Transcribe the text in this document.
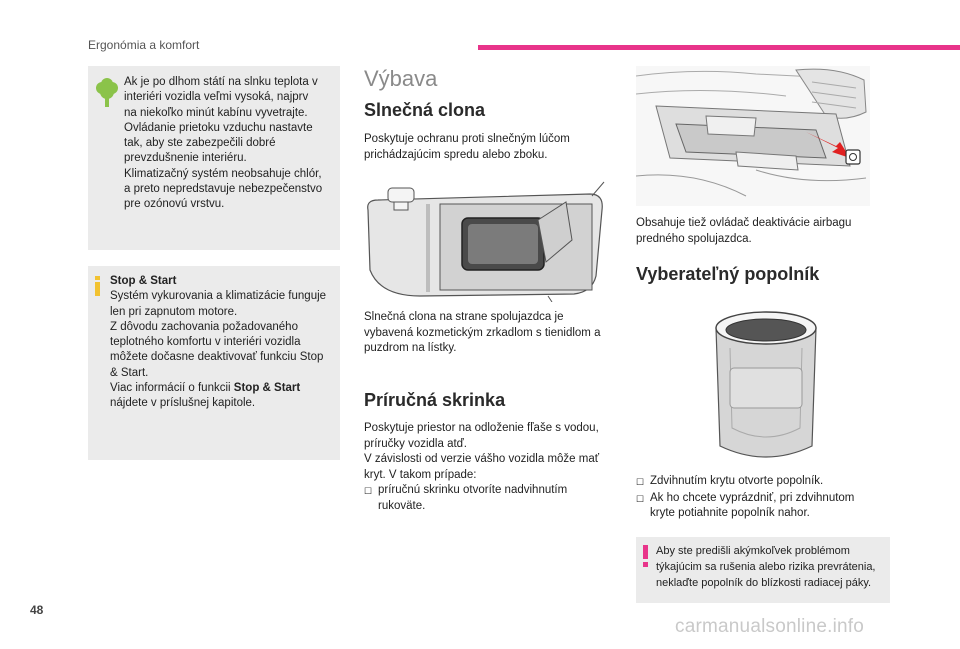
Ergonómia a komfort
Ak je po dlhom státí na slnku teplota v
interiéri vozidla veľmi vysoká, najprv
na niekoľko minút kabínu vyvetrajte.
Ovládanie prietoku vzduchu nastavte
tak, aby ste zabezpečili dobré
prevzdušnenie interiéru.
Klimatizačný systém neobsahuje chlór,
a preto nepredstavuje nebezpečenstvo
pre ozónovú vrstvu.
Stop & Start
Systém vykurovania a klimatizácie funguje
len pri zapnutom motore.
Z dôvodu zachovania požadovaného
teplotného komfortu v interiéri vozidla
môžete dočasne deaktivovať funkciu Stop
& Start.
Viac informácií o funkcii Stop & Start
nájdete v príslušnej kapitole.
Výbava
Slnečná clona
Poskytuje ochranu proti slnečným lúčom
prichádzajúcim spredu alebo zboku.
Slnečná clona na strane spolujazdca je
vybavená kozmetickým zrkadlom s tienidlom a
puzdrom na lístky.
Príručná skrinka
Poskytuje priestor na odloženie fľaše s vodou,
príručky vozidla atď.
V závislosti od verzie vášho vozidla môže mať
kryt. V takom prípade:
☐ príručnú skrinku otvoríte nadvihnutím
rukoväte.
Obsahuje tiež ovládač deaktivácie airbagu
predného spolujazdca.
Vyberateľný popolník
☐ Zdvihnutím krytu otvorte popolník.
☐ Ak ho chcete vyprázdniť, pri zdvihnutom
kryte potiahnite popolník nahor.
Aby ste predišli akýmkoľvek problémom
týkajúcim sa rušenia alebo rizika prevrátenia,
neklaďte popolník do blízkosti radiacej páky.
48
carmanualsonline.info
